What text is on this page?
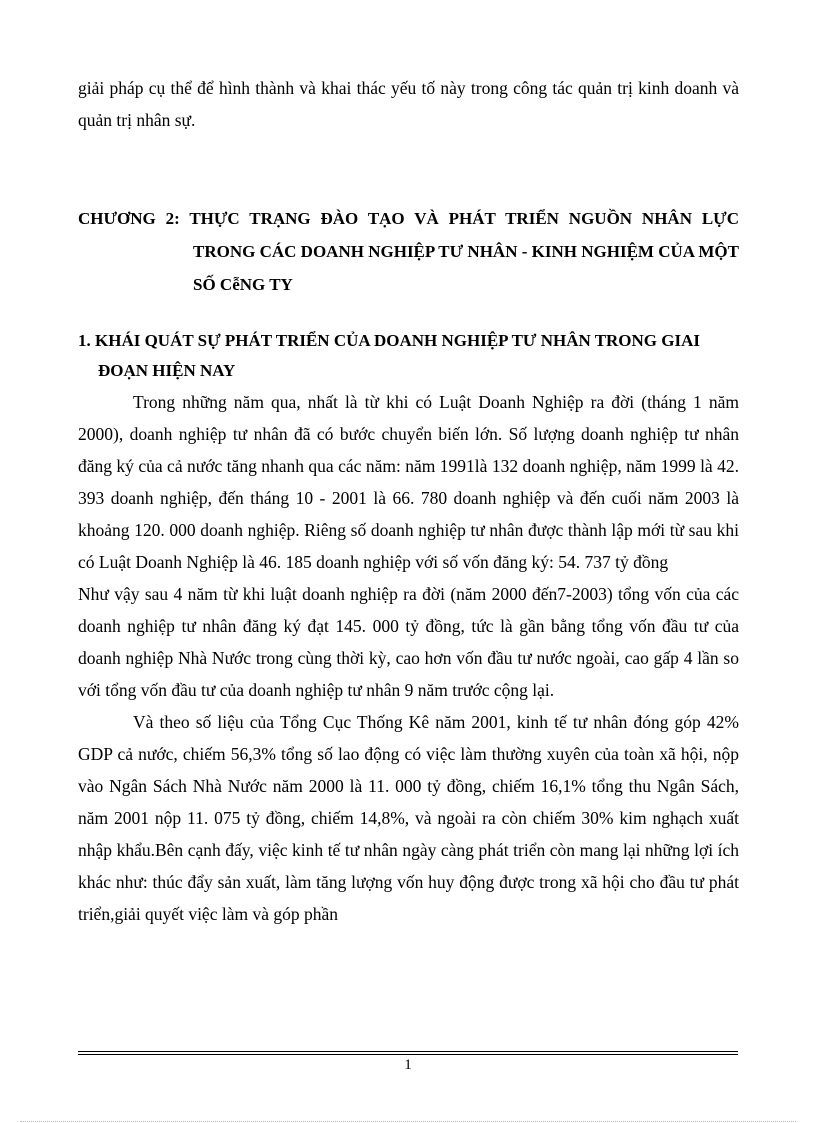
giải pháp cụ thể để hình thành và khai thác yếu tố này trong công tác quản trị kinh doanh và quản trị nhân sự.

CHƯƠNG 2: THỰC TRẠNG ĐÀO TẠO VÀ PHÁT TRIỂN NGUỒN NHÂN LỰC TRONG CÁC DOANH NGHIỆP TƯ NHÂN - KINH NGHIỆM CỦA MỘT SỐ CễNG TY
1. KHÁI QUÁT SỰ PHÁT TRIỂN CỦA DOANH NGHIỆP TƯ NHÂN TRONG GIAI ĐOẠN HIỆN NAY

Trong những năm qua, nhất là từ khi có Luật Doanh Nghiệp ra đời (tháng 1 năm 2000), doanh nghiệp tư nhân đã có bước chuyển biến lớn. Số lượng doanh nghiệp tư nhân đăng ký của cả nước tăng nhanh qua các năm: năm 1991là 132 doanh nghiệp, năm 1999 là 42. 393 doanh nghiệp, đến tháng 10 - 2001 là 66. 780 doanh nghiệp và đến cuối năm 2003 là khoảng 120. 000 doanh nghiệp. Riêng số doanh nghiệp tư nhân được thành lập mới từ sau khi có Luật Doanh Nghiệp là 46. 185 doanh nghiệp với số vốn đăng ký: 54. 737 tỷ đồng

Như vậy sau 4 năm từ khi luật doanh nghiệp ra đời (năm 2000 đến7-2003) tổng vốn của các doanh nghiệp tư nhân đăng ký đạt 145. 000 tỷ đồng, tức là gần bằng tổng vốn đầu tư của doanh nghiệp Nhà Nước trong cùng thời kỳ, cao hơn vốn đầu tư nước ngoài, cao gấp 4 lần so với tổng vốn đầu tư của doanh nghiệp tư nhân 9 năm trước cộng lại.

Và theo số liệu của Tổng Cục Thống Kê năm 2001, kinh tế tư nhân đóng góp 42% GDP cả nước, chiếm 56,3% tổng số lao động có việc làm thường xuyên của toàn xã hội, nộp vào Ngân Sách Nhà Nước năm 2000 là 11. 000 tỷ đồng, chiếm 16,1% tổng thu Ngân Sách, năm 2001 nộp 11. 075 tỷ đồng, chiếm 14,8%, và ngoài ra còn chiếm 30% kim nghạch xuất nhập khẩu.Bên cạnh đấy, việc kinh tế tư nhân ngày càng phát triển còn mang lại những lợi ích khác như: thúc đẩy sản xuất, làm tăng lượng vốn huy động được trong xã hội cho đầu tư phát triển,giải quyết việc làm và góp phần

1
